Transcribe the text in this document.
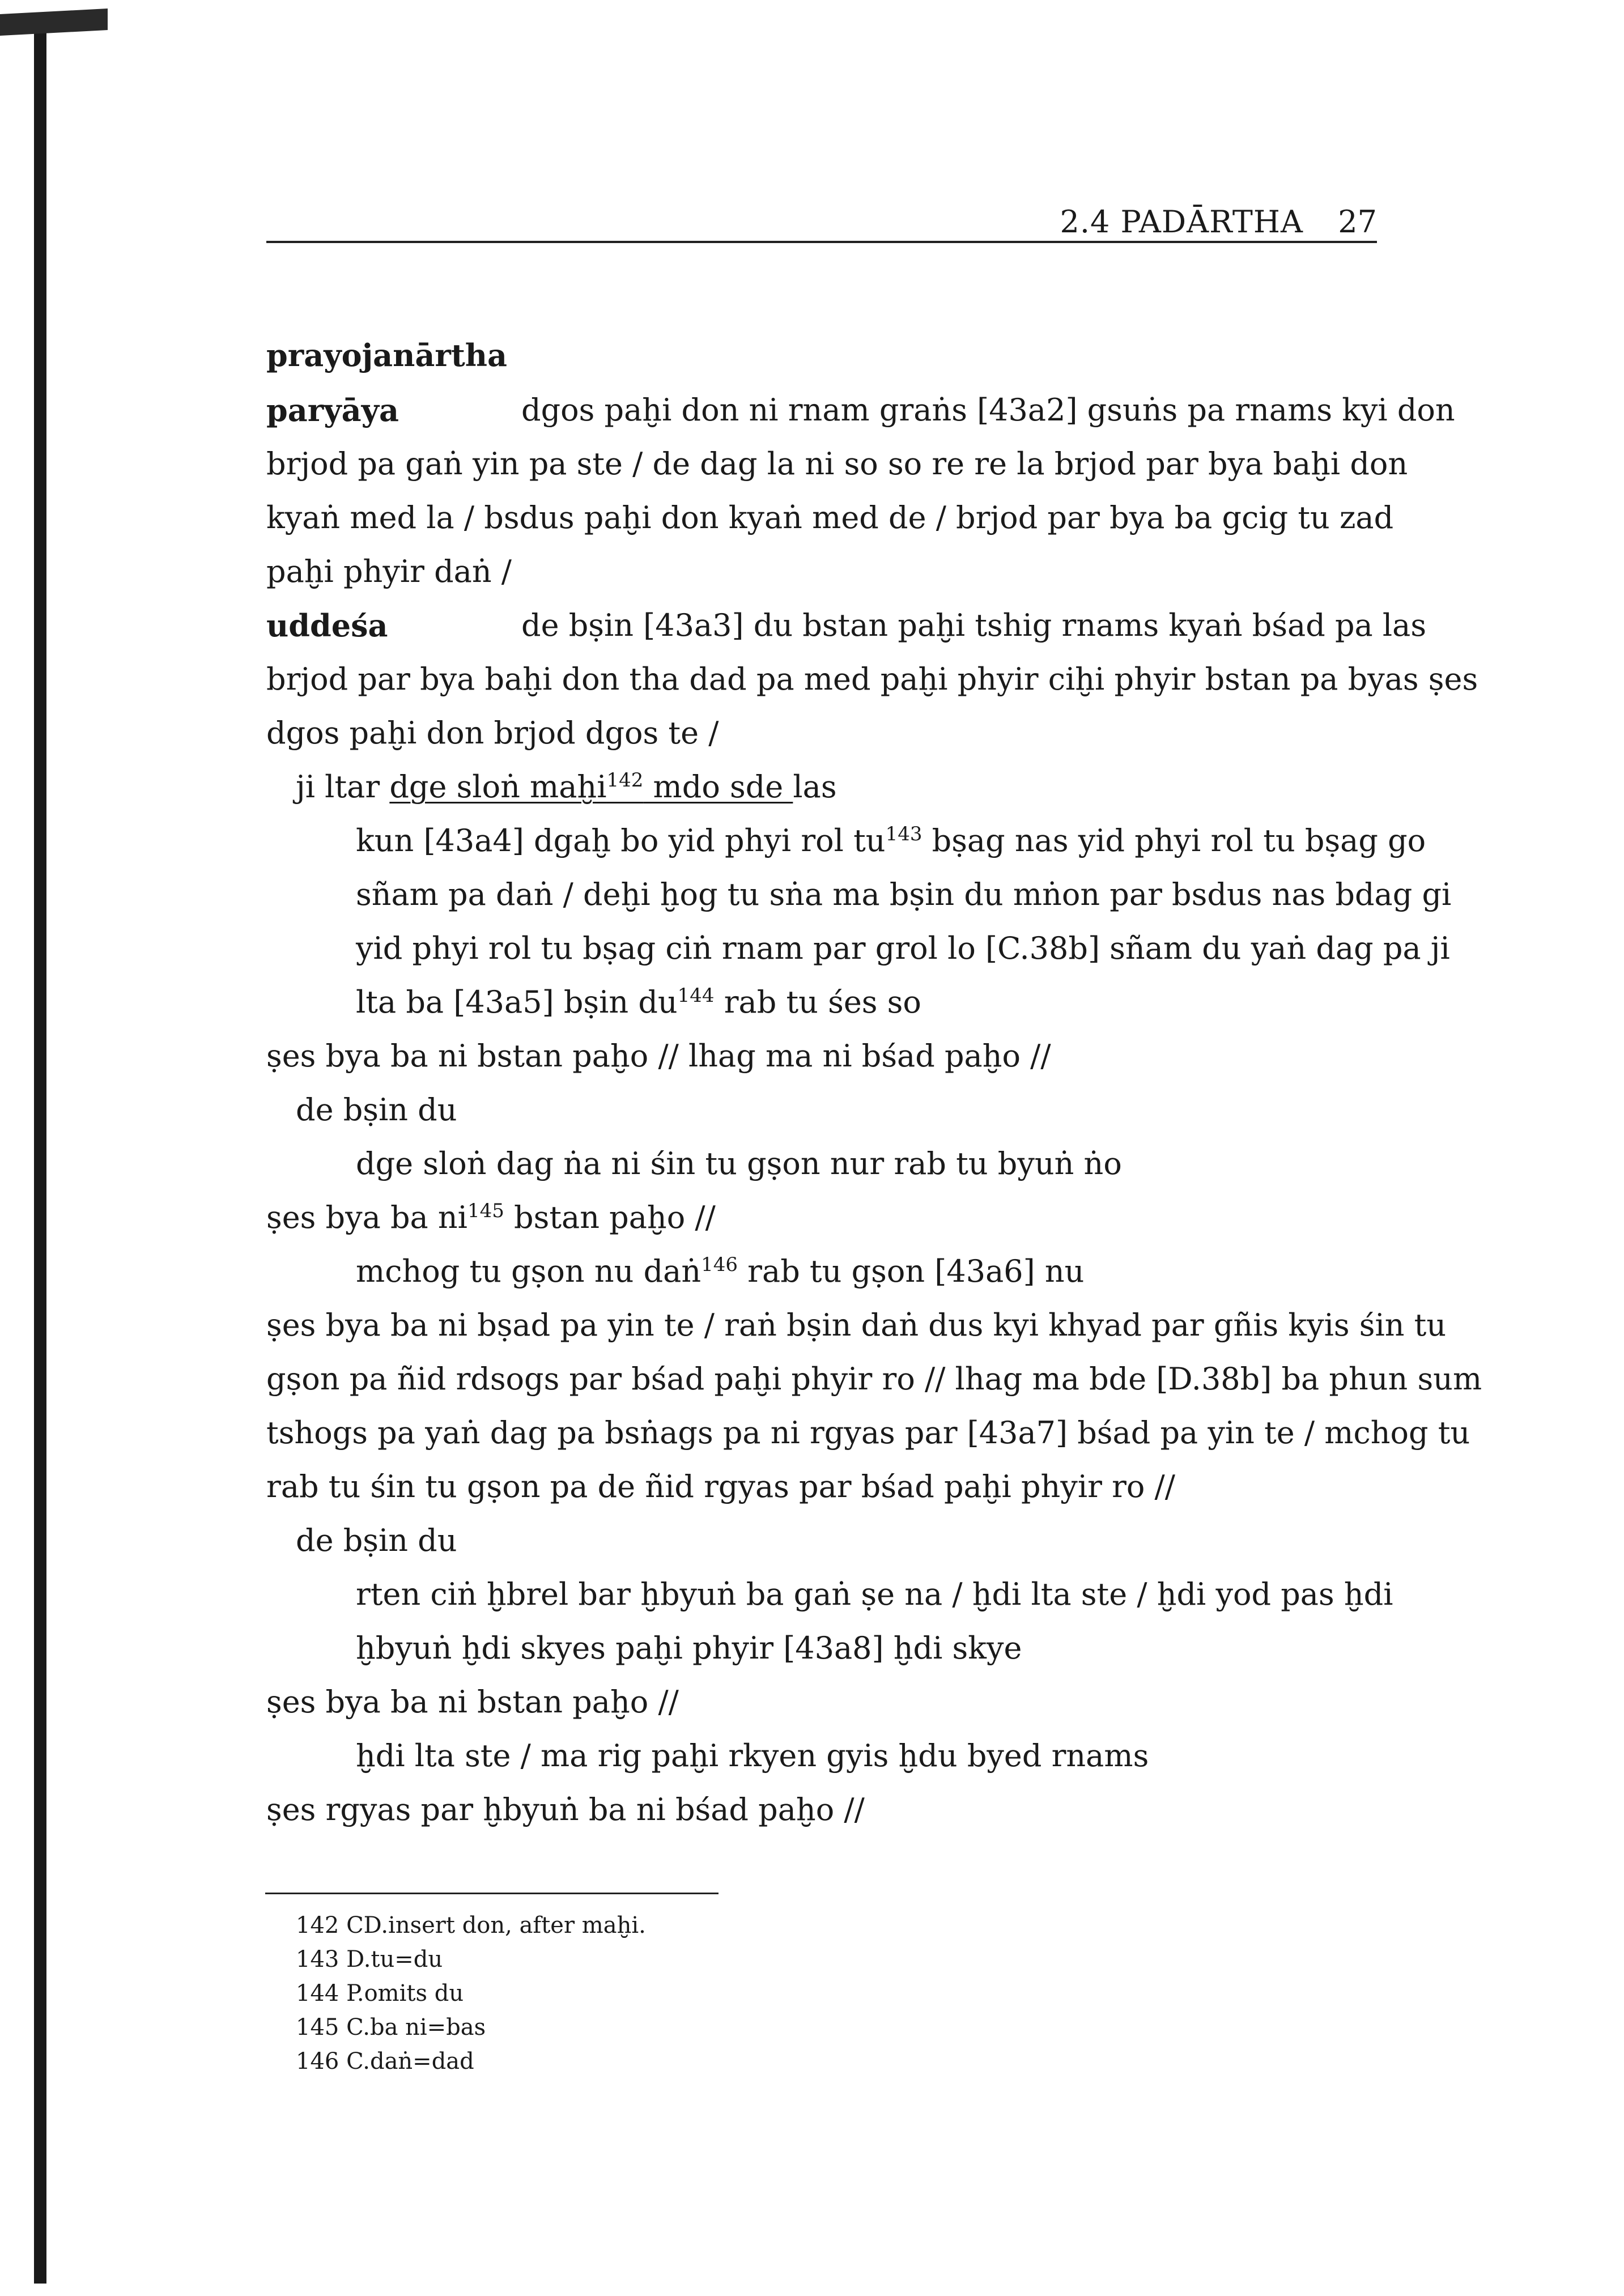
2.4 PADĀRTHA 27
prayojanārtha
paryāya	dgos paḫi don ni rnam graṅs [43a2] gsuṅs pa rnams kyi don
brjod pa gaṅ yin pa ste / de dag la ni so so re re la brjod par bya baḫi don
kyaṅ med la / bsdus paḫi don kyaṅ med de / brjod par bya ba gcig tu zad
paḫi phyir daṅ /
uddeśa	de bṣin [43a3] du bstan paḫi tshig rnams kyaṅ bśad pa las
brjod par bya baḫi don tha dad pa med paḫi phyir ciḫi phyir bstan pa byas ṣes
dgos paḫi don brjod dgos te /
ji ltar dge sloṅ maḫi$^{142}$ mdo sde las
kun [43a4] dgaḫ bo yid phyi rol $tu^{143}$ bṣag nas yid phyi rol tu bṣag go
sñam pa daṅ / deḫi ḫog tu sṅa ma bṣin du mṅon par bsdus nas bdag gi
yid phyi rol tu bṣag ciṅ rnam par grol lo [C.38b] sñam du yaṅ dag pa ji
lta ba [43a5] bṣin $du^{144}$ rab tu śes so
ṣes bya ba ni bstan paḫo // lhag ma ni bśad paḫo //
de bṣin du
dge sloṅ dag ṅa ni śin tu gṣon nur rab tu byuṅ ṅo
ṣes bya ba $ni^{145}$ bstan paḫo //
mchog tu gṣon nu daṅ$^{146}$ rab tu gṣon [43a6] nu
ṣes bya ba ni bṣad pa yin te / raṅ bṣin daṅ dus kyi khyad par gñis kyis śin tu
gṣon pa ñid rdsogs par bśad paḫi phyir ro // lhag ma bde [D.38b] ba phun sum
tshogs pa yaṅ dag pa bsṅags pa ni rgyas par [43a7] bśad pa yin te / mchog tu
rab tu śin tu gṣon pa de ñid rgyas par bśad paḫi phyir ro //
de bṣin du
rten ciṅ ḫbrel bar ḫbyuṅ ba gaṅ ṣe na / ḫdi lta ste / ḫdi yod pas ḫdi
ḫbyuṅ ḫdi skyes paḫi phyir [43a8] ḫdi skye
ṣes bya ba ni bstan paḫo //
ḫdi lta ste / ma rig paḫi rkyen gyis ḫdu byed rnams
ṣes rgyas par ḫbyuṅ ba ni bśad paḫo //
142 CD.insert don, after maḫi.
143 D.tu=du
144 P.omits du
145 C.ba ni=bas
146 C.daṅ=dad
